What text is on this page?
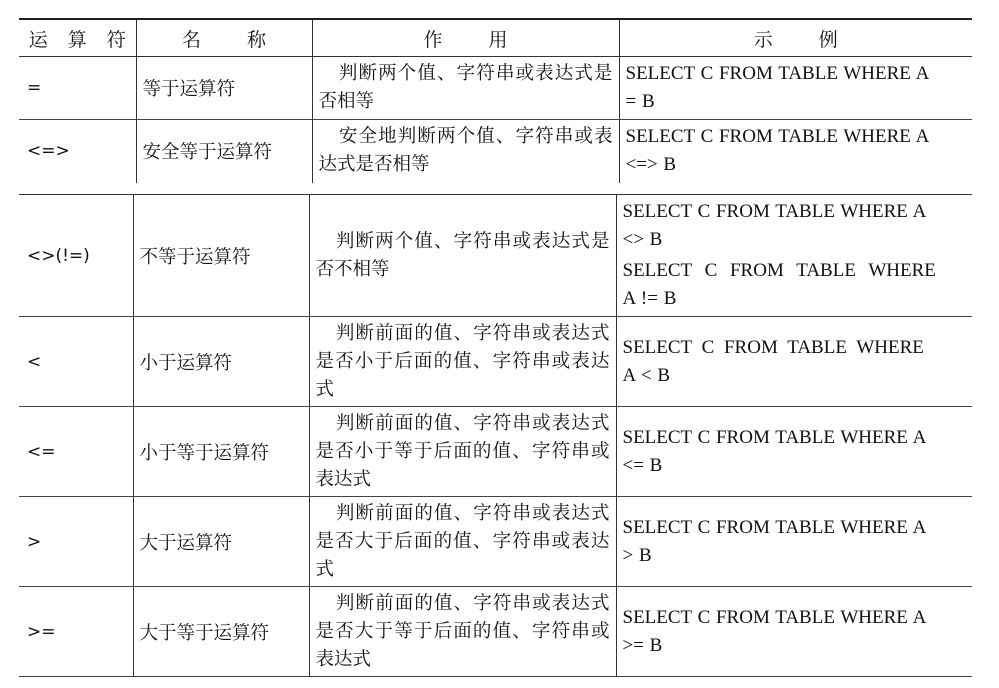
运 算 符	名 称	作 用	示 例
=	等于运算符	判断两个值、字符串或表达式是否相等	SELECT C FROM TABLE WHERE A
= B

<=>	安全等于运算符	安全地判断两个值、字符串或表达式是否相等	SELECT C FROM TABLE WHERE A
<=> B
<>(!=)	不等于运算符	判断两个值、字符串或表达式是否不相等	SELECT C FROM TABLE WHERE A
<> B
SELECT C FROM TABLE WHERE
A != B

<	小于运算符	判断前面的值、字符串或表达式是否小于后面的值、字符串或表达式	SELECT C FROM TABLE WHERE
A < B

<=	小于等于运算符	判断前面的值、字符串或表达式是否小于等于后面的值、字符串或表达式	SELECT C FROM TABLE WHERE A
<= B

>	大于运算符	判断前面的值、字符串或表达式是否大于后面的值、字符串或表达式	SELECT C FROM TABLE WHERE A
> B

>=	大于等于运算符	判断前面的值、字符串或表达式是否大于等于后面的值、字符串或表达式	SELECT C FROM TABLE WHERE A
>= B
